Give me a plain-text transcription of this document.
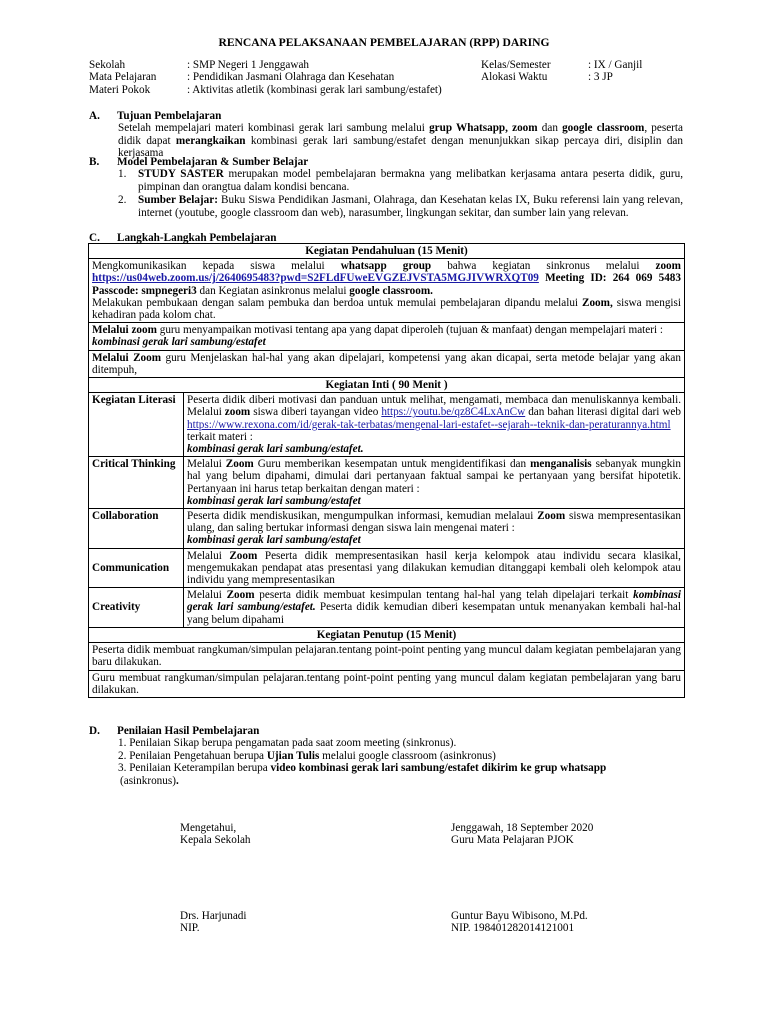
RENCANA PELAKSANAAN PEMBELAJARAN (RPP) DARING
Sekolah	: SMP Negeri 1 Jenggawah
Mata Pelajaran	: Pendidikan Jasmani Olahraga dan Kesehatan
Materi Pokok	: Aktivitas atletik (kombinasi gerak lari sambung/estafet)
Kelas/Semester	: IX / Ganjil
Alokasi Waktu	: 3 JP
A. Tujuan Pembelajaran
Setelah mempelajari materi kombinasi gerak lari sambung melalui grup Whatsapp, zoom dan google classroom, peserta didik dapat merangkaikan kombinasi gerak lari sambung/estafet dengan menunjukkan sikap percaya diri, disiplin dan kerjasama
B. Model Pembelajaran & Sumber Belajar
1.	STUDY SASTER merupakan model pembelajaran bermakna yang melibatkan kerjasama antara peserta didik, guru, pimpinan dan orangtua dalam kondisi bencana.
2.	Sumber Belajar: Buku Siswa Pendidikan Jasmani, Olahraga, dan Kesehatan kelas IX, Buku referensi lain yang relevan, internet (youtube, google classroom dan web), narasumber, lingkungan sekitar, dan sumber lain yang relevan.
C. Langkah-Langkah Pembelajaran
Kegiatan Pendahuluan (15 Menit)	
Mengkomunikasikan kepada siswa melalui whatsapp group bahwa kegiatan sinkronus melalui zoom https://us04web.zoom.us/j/2640695483?pwd=S2FLdFUweEVGZEJVSTA5MGJIVWRXQT09 Meeting ID: 264 069 5483 Passcode: smpnegeri3 dan Kegiatan asinkronus melalui google classroom.
Melakukan pembukaan dengan salam pembuka dan berdoa untuk memulai pembelajaran dipandu melalui Zoom, siswa mengisi kehadiran pada kolom chat.	
Melalui zoom guru menyampaikan motivasi tentang apa yang dapat diperoleh (tujuan & manfaat) dengan mempelajari materi :
kombinasi gerak lari sambung/estafet	
Melalui Zoom guru Menjelaskan hal-hal yang akan dipelajari, kompetensi yang akan dicapai, serta metode belajar yang akan ditempuh,	
Kegiatan Inti ( 90 Menit )	
Kegiatan Literasi	Peserta didik diberi motivasi dan panduan untuk melihat, mengamati, membaca dan menuliskannya kembali. Melalui zoom siswa diberi tayangan video https://youtu.be/qz8C4LxAnCw dan bahan literasi digital dari web https://www.rexona.com/id/gerak-tak-terbatas/mengenal-lari-estafet--sejarah--teknik-dan-peraturannya.html terkait materi :
kombinasi gerak lari sambung/estafet.
Critical Thinking	Melalui Zoom Guru memberikan kesempatan untuk mengidentifikasi dan menganalisis sebanyak mungkin hal yang belum dipahami, dimulai dari pertanyaan faktual sampai ke pertanyaan yang bersifat hipotetik. Pertanyaan ini harus tetap berkaitan dengan materi :
kombinasi gerak lari sambung/estafet
Collaboration	Peserta didik mendiskusikan, mengumpulkan informasi, kemudian melalaui Zoom siswa mempresentasikan ulang, dan saling bertukar informasi dengan siswa lain mengenai materi :
kombinasi gerak lari sambung/estafet
Communication	Melalui Zoom Peserta didik mempresentasikan hasil kerja kelompok atau individu secara klasikal, mengemukakan pendapat atas presentasi yang dilakukan kemudian ditanggapi kembali oleh kelompok atau individu yang mempresentasikan
Creativity	Melalui Zoom peserta didik membuat kesimpulan tentang hal-hal yang telah dipelajari terkait kombinasi gerak lari sambung/estafet. Peserta didik kemudian diberi kesempatan untuk menanyakan kembali hal-hal yang belum dipahami
Kegiatan Penutup (15 Menit)	
Peserta didik membuat rangkuman/simpulan pelajaran.tentang point-point penting yang muncul dalam kegiatan pembelajaran yang baru dilakukan.	
Guru membuat rangkuman/simpulan pelajaran.tentang point-point penting yang muncul dalam kegiatan pembelajaran yang baru dilakukan.	
D. Penilaian Hasil Pembelajaran
1. Penilaian Sikap berupa pengamatan pada saat zoom meeting (sinkronus).
2. Penilaian Pengetahuan berupa Ujian Tulis melalui google classroom (asinkronus)
3. Penilaian Keterampilan berupa video kombinasi gerak lari sambung/estafet dikirim ke grup whatsapp
(asinkronus).
Mengetahui,
Kepala Sekolah
Jenggawah, 18 September 2020
Guru Mata Pelajaran PJOK
Drs. Harjunadi
NIP.
Guntur Bayu Wibisono, M.Pd.
NIP. 198401282014121001
